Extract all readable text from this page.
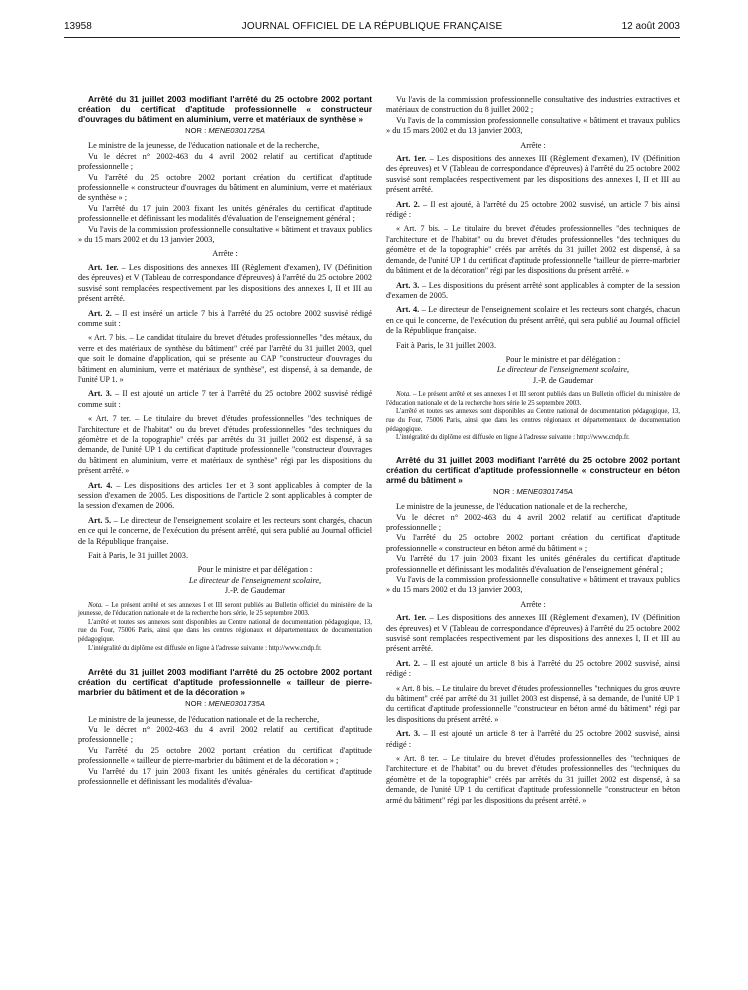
13958	JOURNAL OFFICIEL DE LA RÉPUBLIQUE FRANÇAISE	12 août 2003

Arrêté du 31 juillet 2003 modifiant l'arrêté du 25 octobre 2002 portant création du certificat d'aptitude professionnelle « constructeur d'ouvrages du bâtiment en aluminium, verre et matériaux de synthèse »

NOR : MENE0301725A

Le ministre de la jeunesse, de l'éducation nationale et de la recherche,

Vu le décret n° 2002-463 du 4 avril 2002 relatif au certificat d'aptitude professionnelle ;

Vu l'arrêté du 25 octobre 2002 portant création du certificat d'aptitude professionnelle « constructeur d'ouvrages du bâtiment en aluminium, verre et matériaux de synthèse » ;

Vu l'arrêté du 17 juin 2003 fixant les unités générales du certificat d'aptitude professionnelle et définissant les modalités d'évaluation de l'enseignement général ;

Vu l'avis de la commission professionnelle consultative « bâtiment et travaux publics » du 15 mars 2002 et du 13 janvier 2003,

Arrête :

Art. 1er. – Les dispositions des annexes III (Règlement d'examen), IV (Définition des épreuves) et V (Tableau de correspondance d'épreuves) à l'arrêté du 25 octobre 2002 susvisé sont remplacées respectivement par les dispositions des annexes I, II et III au présent arrêté.

Art. 2. – Il est inséré un article 7 bis à l'arrêté du 25 octobre 2002 susvisé rédigé comme suit :

« Art. 7 bis. – Le candidat titulaire du brevet d'études professionnelles "des métaux, du verre et des matériaux de synthèse du bâtiment" créé par l'arrêté du 31 juillet 2003, quel que soit le domaine d'application, qui se présente au CAP "constructeur d'ouvrages du bâtiment en aluminium, verre et matériaux de synthèse", est dispensé, à sa demande, de l'unité UP 1. »

Art. 3. – Il est ajouté un article 7 ter à l'arrêté du 25 octobre 2002 susvisé rédigé comme suit :

« Art. 7 ter. – Le titulaire du brevet d'études professionnelles "des techniques de l'architecture et de l'habitat" ou du brevet d'études professionnelles "des techniques du géomètre et de la topographie" créés par arrêtés du 31 juillet 2002 est dispensé, à sa demande, de l'unité UP 1 du certificat d'aptitude professionnelle "constructeur d'ouvrages du bâtiment en aluminium, verre et matériaux de synthèse" régi par les dispositions du présent arrêté. »

Art. 4. – Les dispositions des articles 1er et 3 sont applicables à compter de la session d'examen de 2005. Les dispositions de l'article 2 sont applicables à compter de la session d'examen de 2006.

Art. 5. – Le directeur de l'enseignement scolaire et les recteurs sont chargés, chacun en ce qui le concerne, de l'exécution du présent arrêté, qui sera publié au Journal officiel de la République française.

Fait à Paris, le 31 juillet 2003.

Pour le ministre et par délégation :

Le directeur de l'enseignement scolaire,

J.-P. de Gaudemar

Nota. – Le présent arrêté et ses annexes I et III seront publiés au Bulletin officiel du ministère de la jeunesse, de l'éducation nationale et de la recherche hors série, le 25 septembre 2003.

L'arrêté et toutes ses annexes sont disponibles au Centre national de documentation pédagogique, 13, rue du Four, 75006 Paris, ainsi que dans les centres régionaux et départementaux de documentation pédagogique.

L'intégralité du diplôme est diffusée en ligne à l'adresse suivante : http://www.cndp.fr.

Arrêté du 31 juillet 2003 modifiant l'arrêté du 25 octobre 2002 portant création du certificat d'aptitude professionnelle « tailleur de pierre-marbrier du bâtiment et de la décoration »

NOR : MENE0301735A

Le ministre de la jeunesse, de l'éducation nationale et de la recherche,

Vu le décret n° 2002-463 du 4 avril 2002 relatif au certificat d'aptitude professionnelle ;

Vu l'arrêté du 25 octobre 2002 portant création du certificat d'aptitude professionnelle « tailleur de pierre-marbrier du bâtiment et de la décoration » ;

Vu l'arrêté du 17 juin 2003 fixant les unités générales du certificat d'aptitude professionnelle et définissant les modalités d'évalua-

Vu l'avis de la commission professionnelle consultative des industries extractives et matériaux de construction du 8 juillet 2002 ;

Vu l'avis de la commission professionnelle consultative « bâtiment et travaux publics » du 15 mars 2002 et du 13 janvier 2003,

Arrête :

Art. 1er. – Les dispositions des annexes III (Règlement d'examen), IV (Définition des épreuves) et V (Tableau de correspondance d'épreuves) à l'arrêté du 25 octobre 2002 susvisé sont remplacées respectivement par les dispositions des annexes I, II et III au présent arrêté.

Art. 2. – Il est ajouté, à l'arrêté du 25 octobre 2002 susvisé, un article 7 bis ainsi rédigé :

« Art. 7 bis. – Le titulaire du brevet d'études professionnelles "des techniques de l'architecture et de l'habitat" ou du brevet d'études professionnelles "des techniques du géomètre et de la topographie" créés par arrêtés du 31 juillet 2002 est dispensé, à sa demande, de l'unité UP 1 du certificat d'aptitude professionnelle "tailleur de pierre-marbrier du bâtiment et de la décoration" régi par les dispositions du présent arrêté. »

Art. 3. – Les dispositions du présent arrêté sont applicables à compter de la session d'examen de 2005.

Art. 4. – Le directeur de l'enseignement scolaire et les recteurs sont chargés, chacun en ce qui le concerne, de l'exécution du présent arrêté, qui sera publié au Journal officiel de la République française.

Fait à Paris, le 31 juillet 2003.

Pour le ministre et par délégation :

Le directeur de l'enseignement scolaire,

J.-P. de Gaudemar

Nota. – Le présent arrêté et ses annexes I et III seront publiés dans un Bulletin officiel du ministère de l'éducation nationale et de la recherche hors série le 25 septembre 2003.

L'arrêté et toutes ses annexes sont disponibles au Centre national de documentation pédagogique, 13, rue du Four, 75006 Paris, ainsi que dans les centres régionaux et départementaux de documentation pédagogique.

L'intégralité du diplôme est diffusée en ligne à l'adresse suivante : http://www.cndp.fr.

Arrêté du 31 juillet 2003 modifiant l'arrêté du 25 octobre 2002 portant création du certificat d'aptitude professionnelle « constructeur en béton armé du bâtiment »

NOR : MENE0301745A

Le ministre de la jeunesse, de l'éducation nationale et de la recherche,

Vu le décret n° 2002-463 du 4 avril 2002 relatif au certificat d'aptitude professionnelle ;

Vu l'arrêté du 25 octobre 2002 portant création du certificat d'aptitude professionnelle « constructeur en béton armé du bâtiment » ;

Vu l'arrêté du 17 juin 2003 fixant les unités générales du certificat d'aptitude professionnelle et définissant les modalités d'évaluation de l'enseignement général ;

Vu l'avis de la commission professionnelle consultative « bâtiment et travaux publics » du 15 mars 2002 et du 13 janvier 2003,

Arrête :

Art. 1er. – Les dispositions des annexes III (Règlement d'examen), IV (Définition des épreuves) et V (Tableau de correspondance d'épreuves) à l'arrêté du 25 octobre 2002 susvisé sont remplacées respectivement par les dispositions des annexes I, II et III au présent arrêté.

Art. 2. – Il est ajouté un article 8 bis à l'arrêté du 25 octobre 2002 susvisé, ainsi rédigé :

« Art. 8 bis. – Le titulaire du brevet d'études professionnelles "techniques du gros œuvre du bâtiment" créé par arrêté du 31 juillet 2003 est dispensé, à sa demande, de l'unité UP 1 du certificat d'aptitude professionnelle "constructeur en béton armé du bâtiment" régi par les dispositions du présent arrêté. »

Art. 3. – Il est ajouté un article 8 ter à l'arrêté du 25 octobre 2002 susvisé, ainsi rédigé :

« Art. 8 ter. – Le titulaire du brevet d'études professionnelles des "techniques de l'architecture et de l'habitat" ou du brevet d'études professionnelles des "techniques du géomètre et de la topographie" créés par arrêtés du 31 juillet 2002 est dispensé, à sa demande, de l'unité UP 1 du certificat d'aptitude professionnelle "constructeur en béton armé du bâtiment" régi par les dispositions du présent arrêté. »
